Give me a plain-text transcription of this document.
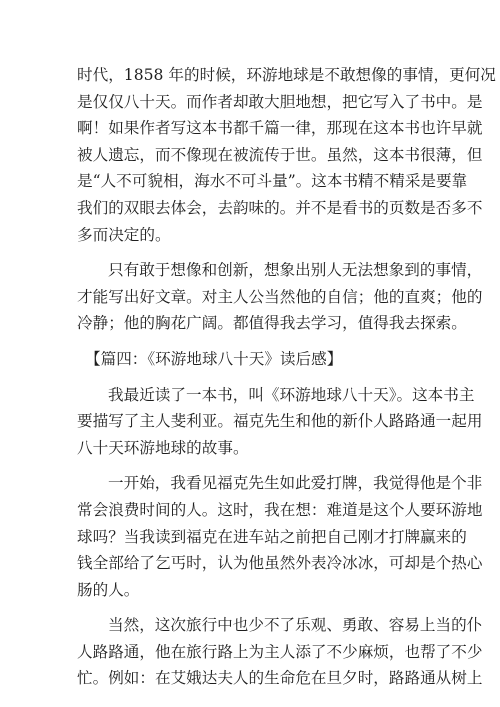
时代，1858 年的时候，环游地球是不敢想像的事情，更何况
是仅仅八十天。而作者却敢大胆地想，把它写入了书中。是
啊！如果作者写这本书都千篇一律，那现在这本书也许早就
被人遗忘，而不像现在被流传于世。虽然，这本书很薄，但
是“人不可貌相，海水不可斗量”。这本书精不精采是要靠
我们的双眼去体会，去韵味的。并不是看书的页数是否多不
多而决定的。
只有敢于想像和创新，想象出别人无法想象到的事情，
才能写出好文章。对主人公当然他的自信；他的直爽；他的
冷静；他的胸花广阔。都值得我去学习，值得我去探索。
【篇四：《环游地球八十天》读后感】
我最近读了一本书，叫《环游地球八十天》。这本书主
要描写了主人斐利亚。福克先生和他的新仆人路路通一起用
八十天环游地球的故事。
一开始，我看见福克先生如此爱打牌，我觉得他是个非
常会浪费时间的人。这时，我在想：难道是这个人要环游地
球吗？当我读到福克在进车站之前把自己刚才打牌赢来的
钱全部给了乞丐时，认为他虽然外表冷冰冰，可却是个热心
肠的人。
当然，这次旅行中也少不了乐观、勇敢、容易上当的仆
人路路通，他在旅行路上为主人添了不少麻烦，也帮了不少
忙。例如：在艾娥达夫人的生命危在旦夕时，路路通从树上
